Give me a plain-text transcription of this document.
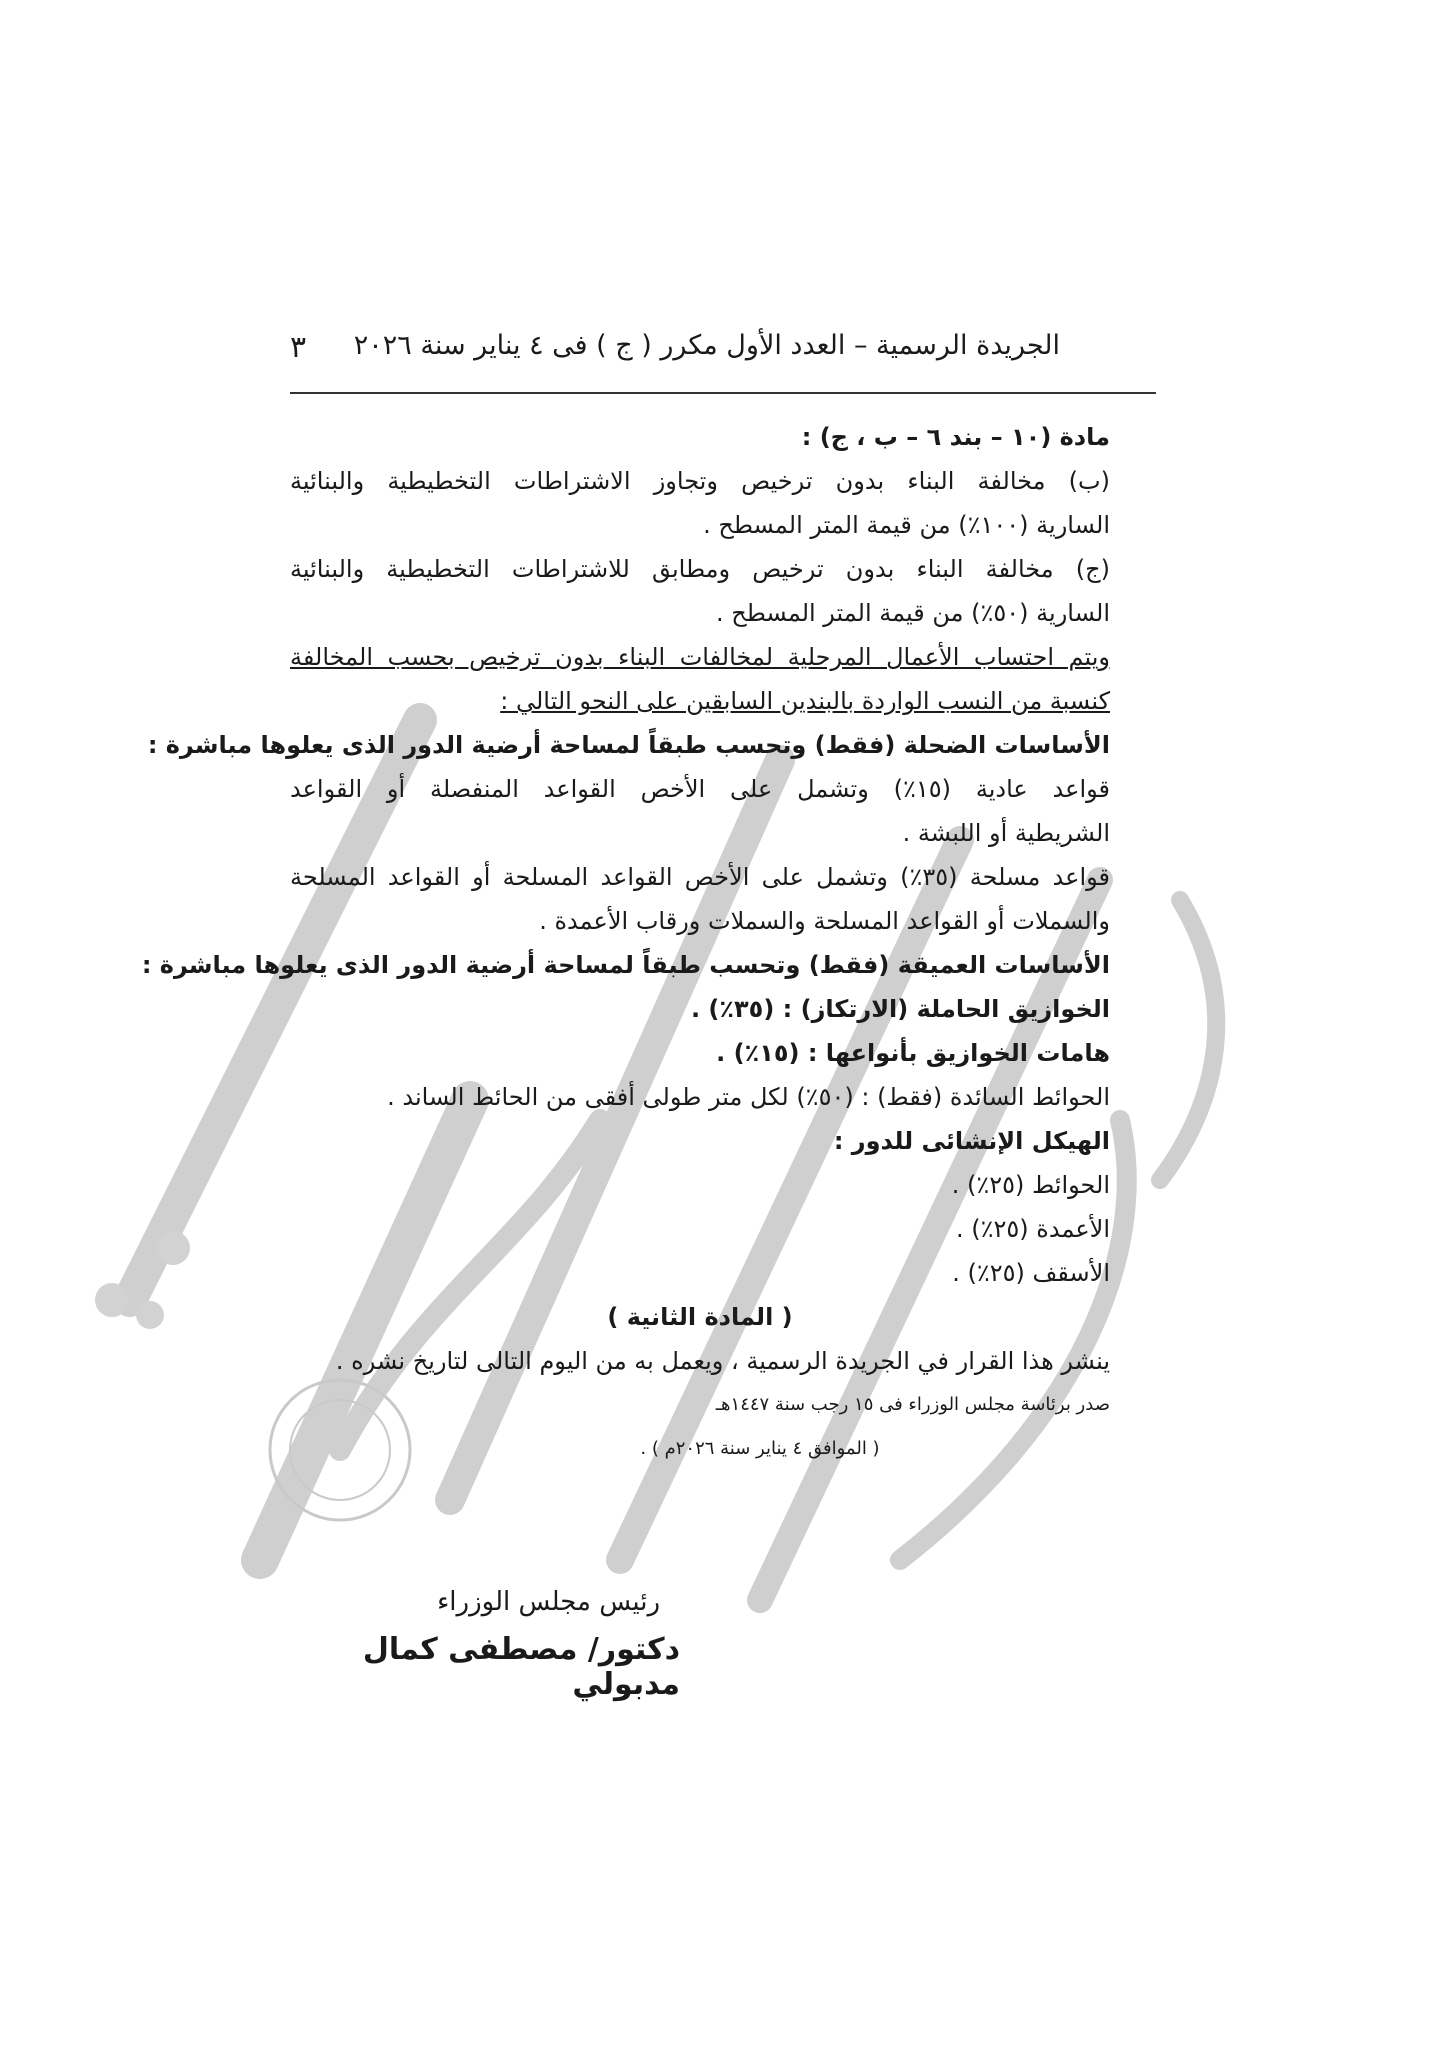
الجريدة الرسمية – العدد الأول مكرر ( ج ) فى ٤ يناير سنة ٢٠٢٦
٣
مادة (١٠ – بند ٦ – ب ، ج) :
(ب) مخالفة البناء بدون ترخيص وتجاوز الاشتراطات التخطيطية والبنائية
السارية (١٠٠٪) من قيمة المتر المسطح .
(ج) مخالفة البناء بدون ترخيص ومطابق للاشتراطات التخطيطية والبنائية
السارية (٥٠٪) من قيمة المتر المسطح .
ويتم احتساب الأعمال المرحلية لمخالفات البناء بدون ترخيص بحسب المخالفة
كنسبة من النسب الواردة بالبندين السابقين على النحو التالي :
الأساسات الضحلة (فقط) وتحسب طبقاً لمساحة أرضية الدور الذى يعلوها مباشرة :
قواعد عادية (١٥٪) وتشمل على الأخص القواعد المنفصلة أو القواعد
الشريطية أو اللبشة .
قواعد مسلحة (٣٥٪) وتشمل على الأخص القواعد المسلحة أو القواعد المسلحة
والسملات أو القواعد المسلحة والسملات ورقاب الأعمدة .
الأساسات العميقة (فقط) وتحسب طبقاً لمساحة أرضية الدور الذى يعلوها مباشرة :
الخوازيق الحاملة (الارتكاز) : (٣٥٪) .
هامات الخوازيق بأنواعها : (١٥٪) .
الحوائط السائدة (فقط) : (٥٠٪) لكل متر طولى أفقى من الحائط الساند .
الهيكل الإنشائى للدور :
الحوائط (٢٥٪) .
الأعمدة (٢٥٪) .
الأسقف (٢٥٪) .
( المادة الثانية )
ينشر هذا القرار في الجريدة الرسمية ، ويعمل به من اليوم التالى لتاريخ نشره .
صدر برئاسة مجلس الوزراء فى ١٥ رجب سنة ١٤٤٧هـ
( الموافق ٤ يناير سنة ٢٠٢٦م ) .
رئيس مجلس الوزراء
دكتور/ مصطفى كمال مدبولي
